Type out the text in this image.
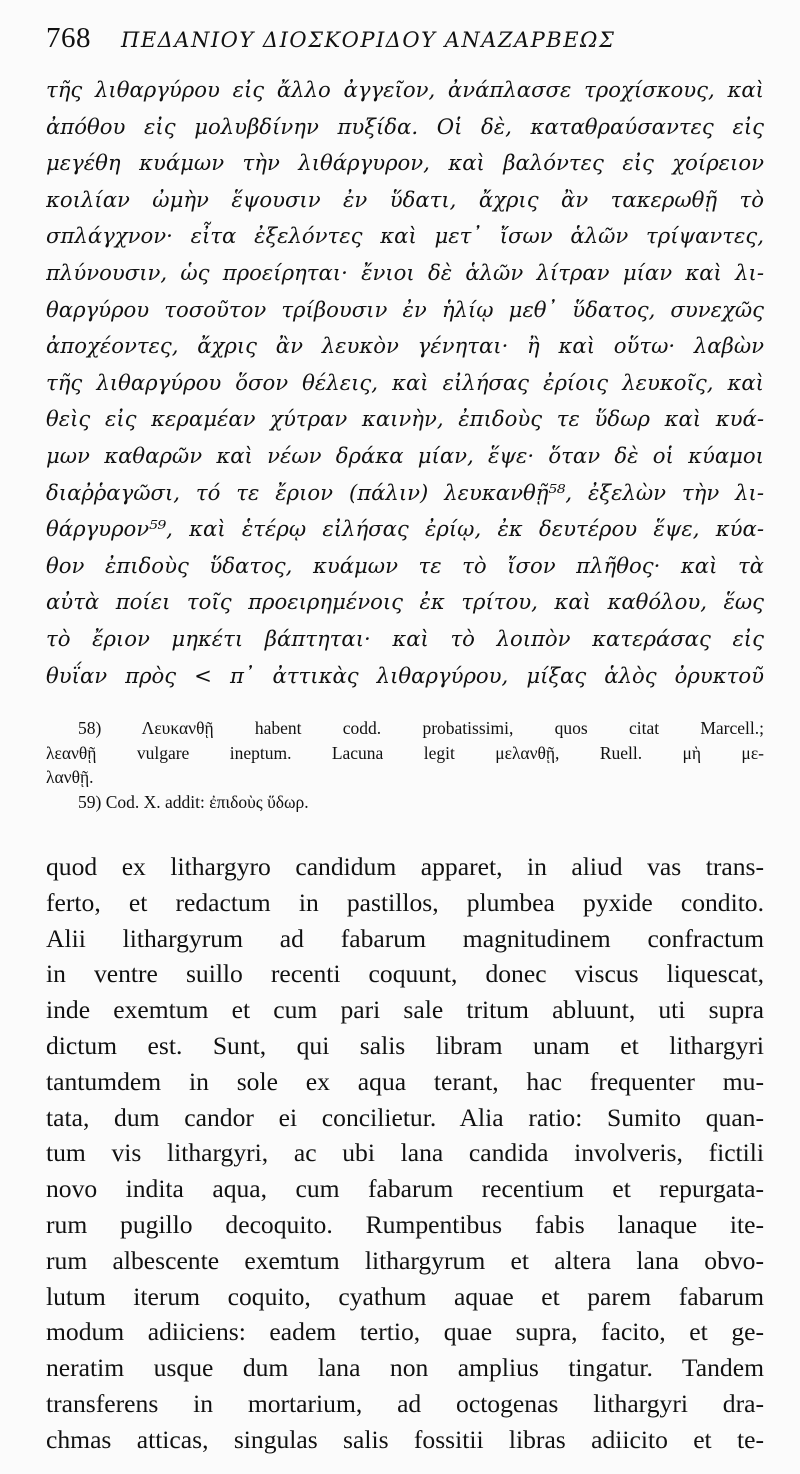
768 ΠΕΔΑΝΙΟΥ ΔΙΟΣΚΟΡΙΔΟΥ ΑΝΑΖΑΡΒΕΩΣ
τῆς λιθαργύρου εἰς ἄλλο ἀγγεῖον, ἀνάπλασσε τροχίσκους, καὶ
ἀπόθου εἰς μολυβδίνην πυξίδα. Οἱ δὲ, καταθραύσαντες εἰς
μεγέθη κυάμων τὴν λιθάργυρον, καὶ βαλόντες εἰς χοίρειον
κοιλίαν ὠμὴν ἕψουσιν ἐν ὕδατι, ἄχρις ἂν τακερωθῇ τὸ
σπλάγχνον· εἶτα ἐξελόντες καὶ μετ᾽ ἴσων ἁλῶν τρίψαντες,
πλύνουσιν, ὡς προείρηται· ἔνιοι δὲ ἁλῶν λίτραν μίαν καὶ λι-
θαργύρου τοσοῦτον τρίβουσιν ἐν ἡλίῳ μεθ᾽ ὕδατος, συνεχῶς
ἀποχέοντες, ἄχρις ἂν λευκὸν γένηται· ἢ καὶ οὕτω· λαβὼν
τῆς λιθαργύρου ὅσον θέλεις, καὶ εἰλήσας ἐρίοις λευκοῖς, καὶ
θεὶς εἰς κεραμέαν χύτραν καινὴν, ἐπιδοὺς τε ὕδωρ καὶ κυά-
μων καθαρῶν καὶ νέων δράκα μίαν, ἕψε· ὅταν δὲ οἱ κύαμοι
διαῤῥαγῶσι, τό τε ἔριον (πάλιν) λευκανθῇ⁵⁸, ἐξελὼν τὴν λι-
θάργυρον⁵⁹, καὶ ἑτέρῳ εἰλήσας ἐρίῳ, ἐκ δευτέρου ἕψε, κύα-
θον ἐπιδοὺς ὕδατος, κυάμων τε τὸ ἴσον πλῆθος· καὶ τὰ
αὐτὰ ποίει τοῖς προειρημένοις ἐκ τρίτου, καὶ καθόλου, ἕως
τὸ ἔριον μηκέτι βάπτηται· καὶ τὸ λοιπὸν κατεράσας εἰς
θυΐαν πρὸς < π᾽ ἀττικὰς λιθαργύρου, μίξας ἁλὸς ὀρυκτοῦ
58) Λευκανθῇ habent codd. probatissimi, quos citat Marcell.;
λεανθῇ vulgare ineptum. Lacuna legit μελανθῇ, Ruell. μὴ με-
λανθῇ.
59) Cod. X. addit: ἐπιδοὺς ὕδωρ.
quod ex lithargyro candidum apparet, in aliud vas trans-
ferto, et redactum in pastillos, plumbea pyxide condito.
Alii lithargyrum ad fabarum magnitudinem confractum
in ventre suillo recenti coquunt, donec viscus liquescat,
inde exemtum et cum pari sale tritum abluunt, uti supra
dictum est. Sunt, qui salis libram unam et lithargyri
tantumdem in sole ex aqua terant, hac frequenter mu-
tata, dum candor ei concilietur. Alia ratio: Sumito quan-
tum vis lithargyri, ac ubi lana candida involveris, fictili
novo indita aqua, cum fabarum recentium et repurgata-
rum pugillo decoquito. Rumpentibus fabis lanaque ite-
rum albescente exemtum lithargyrum et altera lana obvo-
lutum iterum coquito, cyathum aquae et parem fabarum
modum adiiciens: eadem tertio, quae supra, facito, et ge-
neratim usque dum lana non amplius tingatur. Tandem
transferens in mortarium, ad octogenas lithargyri dra-
chmas atticas, singulas salis fossitii libras adiicito et te-
